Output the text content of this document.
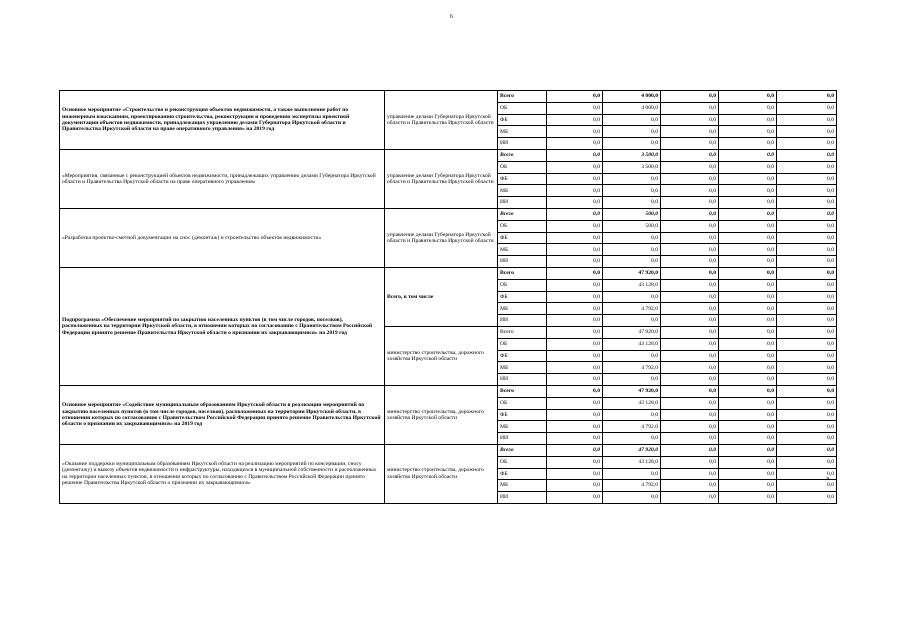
6
Основное мероприятие «Строительство и реконструкция объектов недвижимости, а также выполнение работ по инженерным изысканиям, проектированию строительства, реконструкции и проведению экспертизы проектной документации объектов недвижимости, принадлежащих управлению делами Губернатора Иркутской области и Правительства Иркутской области на праве оперативного управления» на 2019 год	управление делами Губернатора Иркутской области и Правительства Иркутской области	Всего	0,0	4 000,0	0,0	0,0	0,0
		ОБ	0,0	4 000,0	0,0	0,0	0,0
		ФБ	0,0	0,0	0,0	0,0	0,0
		МБ	0,0	0,0	0,0	0,0	0,0
		ИИ	0,0	0,0	0,0	0,0	0,0
«Мероприятия, связанные с реконструкцией объектов недвижимости, принадлежащих управлению делами Губернатора Иркутской области и Правительства Иркутской области на праве оперативного управления»	управление делами Губернатора Иркутской области и Правительства Иркутской области	Всего	0,0	3 500,0	0,0	0,0	0,0
		ОБ	0,0	3 500,0	0,0	0,0	0,0
		ФБ	0,0	0,0	0,0	0,0	0,0
		МБ	0,0	0,0	0,0	0,0	0,0
		ИИ	0,0	0,0	0,0	0,0	0,0
«Разработка проектно-сметной документации на снос (демонтаж) и строительство объектов недвижимости»	управление делами Губернатора Иркутской области и Правительства Иркутской области	Всего	0,0	500,0	0,0	0,0	0,0
		ОБ	0,0	500,0	0,0	0,0	0,0
		ФБ	0,0	0,0	0,0	0,0	0,0
		МБ	0,0	0,0	0,0	0,0	0,0
		ИИ	0,0	0,0	0,0	0,0	0,0
Подпрограмма «Обеспечение мероприятий по закрытию населенных пунктов (в том числе городов, поселков), расположенных на территории Иркутской области, в отношении которых по согласованию с Правительством Российской Федерации принято решение Правительства Иркутской области о признании их закрывающимися» на 2019 год	Всего, в том числе	Всего	0,0	47 920,0	0,0	0,0	0,0
		ОБ	0,0	43 128,0	0,0	0,0	0,0
		ФБ	0,0	0,0	0,0	0,0	0,0
		МБ	0,0	4 792,0	0,0	0,0	0,0
		ИИ	0,0	0,0	0,0	0,0	0,0
	министерство строительства, дорожного хозяйства Иркутской области	Всего	0,0	47 920,0	0,0	0,0	0,0
		ОБ	0,0	43 128,0	0,0	0,0	0,0
		ФБ	0,0	0,0	0,0	0,0	0,0
		МБ	0,0	4 792,0	0,0	0,0	0,0
		ИИ	0,0	0,0	0,0	0,0	0,0
Основное мероприятие «Содействие муниципальным образованиям Иркутской области в реализации мероприятий по закрытию населенных пунктов (в том числе городов, поселков), расположенных на территории Иркутской области, в отношении которых по согласованию с Правительством Российской Федерации принято решение Правительства Иркутской области о признании их закрывающимися» на 2019 год	министерство строительства, дорожного хозяйства Иркутской области	Всего	0,0	47 920,0	0,0	0,0	0,0
		ОБ	0,0	43 128,0	0,0	0,0	0,0
		ФБ	0,0	0,0	0,0	0,0	0,0
		МБ	0,0	4 792,0	0,0	0,0	0,0
		ИИ	0,0	0,0	0,0	0,0	0,0
«Оказание поддержки муниципальным образованиям Иркутской области на реализацию мероприятий по консервации, сносу (демонтажу) и вывозу объектов недвижимости и инфраструктуры, находящихся в муниципальной собственности и расположенных на территории населенных пунктов, в отношении которых по согласованию с Правительством Российской Федерации принято решение Правительства Иркутской области о признании их закрывающимися»	министерство строительства, дорожного хозяйства Иркутской области	Всего	0,0	47 920,0	0,0	0,0	0,0
		ОБ	0,0	43 128,0	0,0	0,0	0,0
		ФБ	0,0	0,0	0,0	0,0	0,0
		МБ	0,0	4 792,0	0,0	0,0	0,0
		ИИ	0,0	0,0	0,0	0,0	0,0
».
